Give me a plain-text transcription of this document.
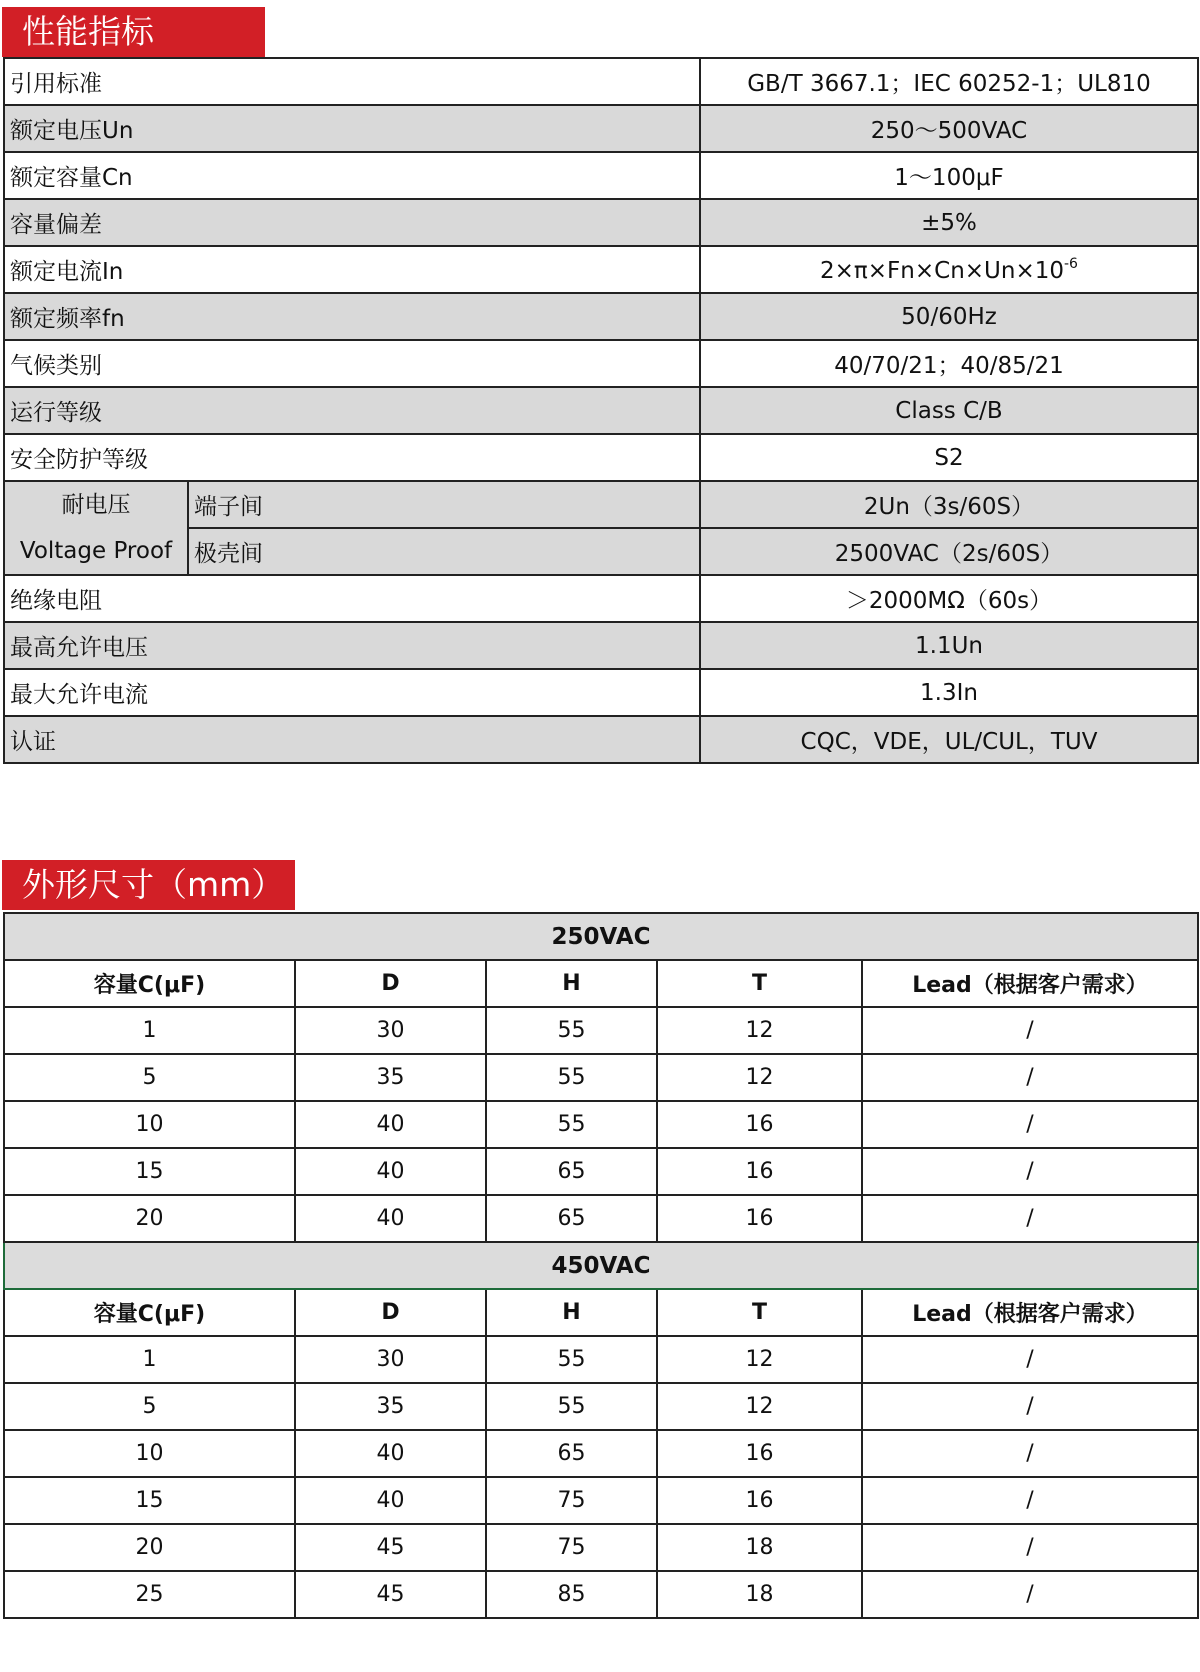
性能指标
引用标准		GB/T 3667.1；IEC 60252-1；UL810
额定电压Un		250～500VAC
额定容量Cn		1～100μF
容量偏差		±5%
额定电流In		$2\times\pi\times Fn\times Cn\times Un\times 10^{-6}$
额定频率fn		50/60Hz
气候类别		40/70/21；40/85/21
运行等级		Class C/B
安全防护等级		S2

耐电压
Voltage Proof	端子间	2Un（3s/60S）
	极壳间	2500VAC（2s/60S）
绝缘电阻		＞2000MΩ（60s）
最高允许电压		1.1Un
最大允许电流		1.3In
认证		CQC，VDE，UL/CUL，TUV
外形尺寸（mm）
250VAC				
容量C(μF)	D	H	T	Lead（根据客户需求）
1	30	55	12	/
5	35	55	12	/
10	40	55	16	/
15	40	65	16	/
20	40	65	16	/
450VAC				
容量C(μF)	D	H	T	Lead（根据客户需求）
1	30	55	12	/
5	35	55	12	/
10	40	65	16	/
15	40	75	16	/
20	45	75	18	/
25	45	85	18	/
